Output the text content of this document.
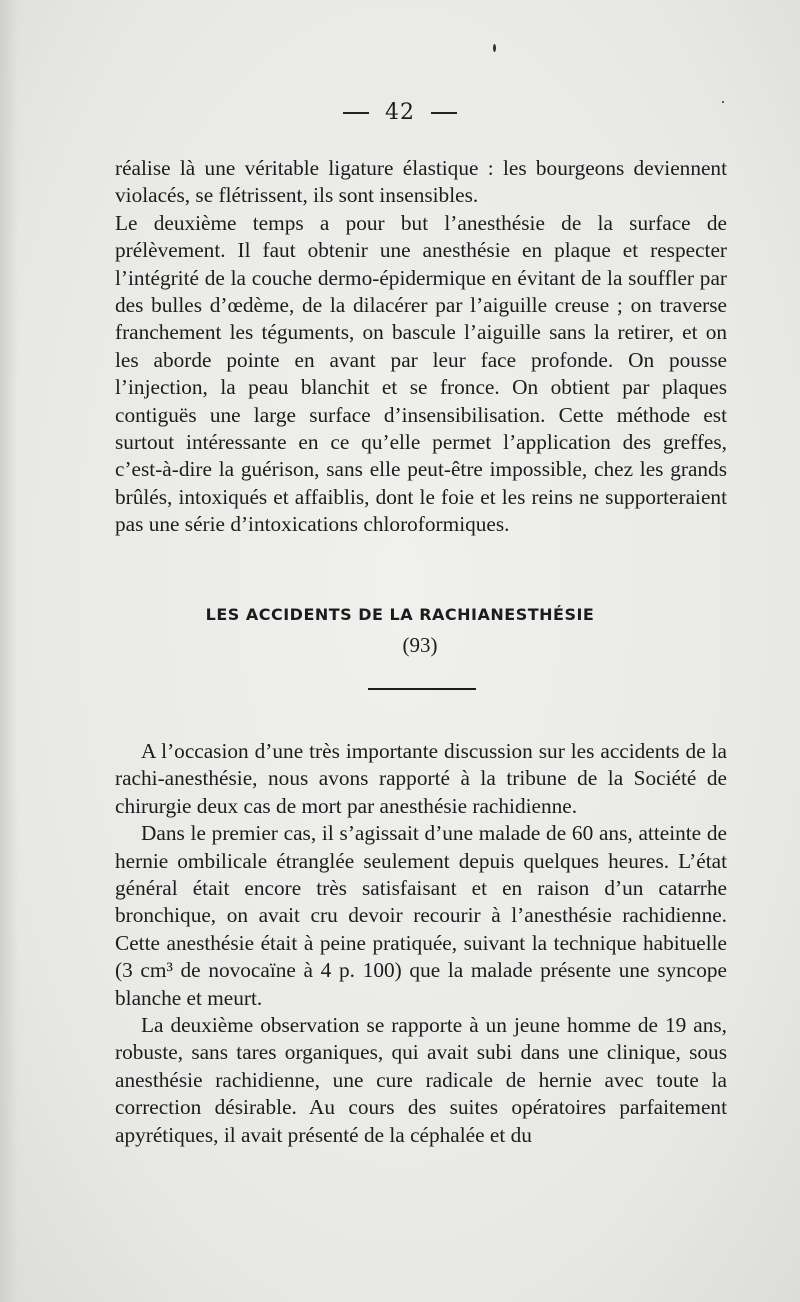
42

réalise là une véritable ligature élastique : les bourgeons deviennent violacés, se flétrissent, ils sont insensibles.

Le deuxième temps a pour but l’anesthésie de la surface de prélèvement. Il faut obtenir une anesthésie en plaque et respecter l’intégrité de la couche dermo-épidermique en évitant de la souffler par des bulles d’œdème, de la dilacérer par l’aiguille creuse ; on traverse franchement les téguments, on bascule l’aiguille sans la retirer, et on les aborde pointe en avant par leur face profonde. On pousse l’injection, la peau blanchit et se fronce. On obtient par plaques contiguës une large surface d’insensibilisation. Cette méthode est surtout intéressante en ce qu’elle permet l’application des greffes, c’est-à-dire la guérison, sans elle peut-être impossible, chez les grands brûlés, intoxiqués et affaiblis, dont le foie et les reins ne supporteraient pas une série d’intoxications chloroformiques.

LES ACCIDENTS DE LA RACHIANESTHÉSIE
(93)

A l’occasion d’une très importante discussion sur les accidents de la rachi-anesthésie, nous avons rapporté à la tribune de la Société de chirurgie deux cas de mort par anesthésie rachidienne.

Dans le premier cas, il s’agissait d’une malade de 60 ans, atteinte de hernie ombilicale étranglée seulement depuis quelques heures. L’état général était encore très satisfaisant et en raison d’un catarrhe bronchique, on avait cru devoir recourir à l’anesthésie rachidienne. Cette anesthésie était à peine pratiquée, suivant la technique habituelle (3 cm³ de novocaïne à 4 p. 100) que la malade présente une syncope blanche et meurt.

La deuxième observation se rapporte à un jeune homme de 19 ans, robuste, sans tares organiques, qui avait subi dans une clinique, sous anesthésie rachidienne, une cure radicale de hernie avec toute la correction désirable. Au cours des suites opératoires parfaitement apyrétiques, il avait présenté de la céphalée et du
